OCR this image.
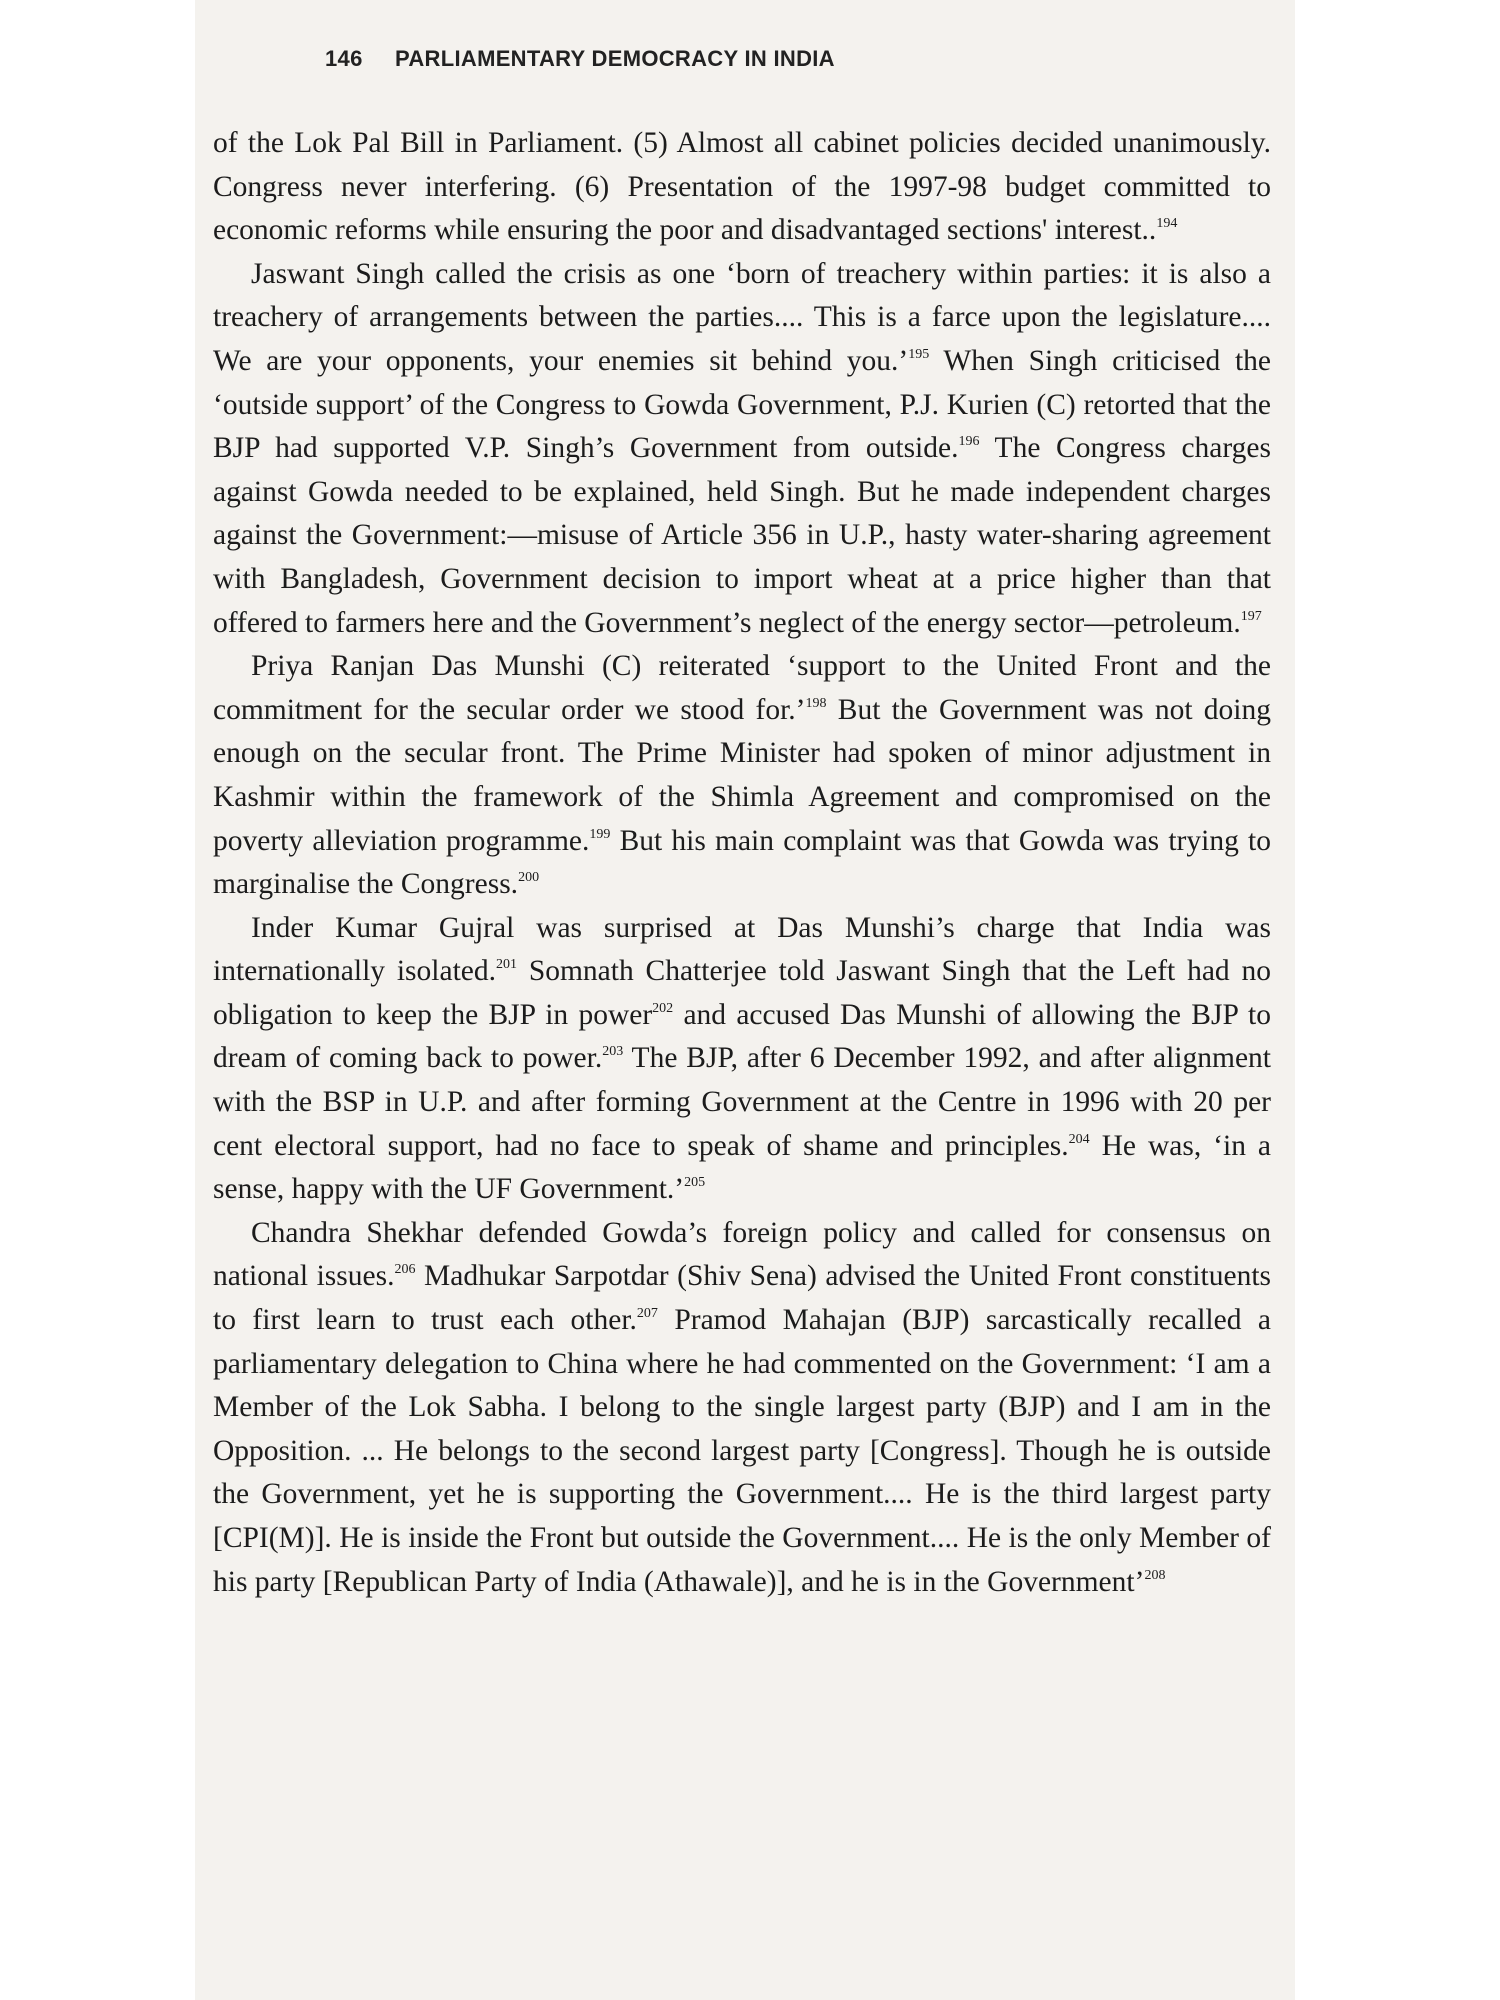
146 PARLIAMENTARY DEMOCRACY IN INDIA

of the Lok Pal Bill in Parliament. (5) Almost all cabinet policies decided unanimously. Congress never interfering. (6) Presentation of the 1997-98 budget committed to economic reforms while ensuring the poor and disadvantaged sections' interest..$^{194}$

Jaswant Singh called the crisis as one ‘born of treachery within parties: it is also a treachery of arrangements between the parties.... This is a farce upon the legislature.... We are your opponents, your enemies sit behind you.’$^{195}$ When Singh criticised the ‘outside support’ of the Congress to Gowda Government, P.J. Kurien (C) retorted that the BJP had supported V.P. Singh’s Government from outside.$^{196}$ The Congress charges against Gowda needed to be explained, held Singh. But he made independent charges against the Government:—misuse of Article 356 in U.P., hasty water-sharing agreement with Bangladesh, Government decision to import wheat at a price higher than that offered to farmers here and the Government’s neglect of the energy sector—petroleum.$^{197}$

Priya Ranjan Das Munshi (C) reiterated ‘support to the United Front and the commitment for the secular order we stood for.’$^{198}$ But the Government was not doing enough on the secular front. The Prime Minister had spoken of minor adjustment in Kashmir within the framework of the Shimla Agreement and compromised on the poverty alleviation programme.$^{199}$ But his main complaint was that Gowda was trying to marginalise the Congress.$^{200}$

Inder Kumar Gujral was surprised at Das Munshi’s charge that India was internationally isolated.$^{201}$ Somnath Chatterjee told Jaswant Singh that the Left had no obligation to keep the BJP in power$^{202}$ and accused Das Munshi of allowing the BJP to dream of coming back to power.$^{203}$ The BJP, after 6 December 1992, and after alignment with the BSP in U.P. and after forming Government at the Centre in 1996 with 20 per cent electoral support, had no face to speak of shame and principles.$^{204}$ He was, ‘in a sense, happy with the UF Government.’$^{205}$

Chandra Shekhar defended Gowda’s foreign policy and called for consensus on national issues.$^{206}$ Madhukar Sarpotdar (Shiv Sena) advised the United Front constituents to first learn to trust each other.$^{207}$ Pramod Mahajan (BJP) sarcastically recalled a parliamentary delegation to China where he had commented on the Government: ‘I am a Member of the Lok Sabha. I belong to the single largest party (BJP) and I am in the Opposition. ... He belongs to the second largest party [Congress]. Though he is outside the Government, yet he is supporting the Government.... He is the third largest party [CPI(M)]. He is inside the Front but outside the Government.... He is the only Member of his party [Republican Party of India (Athawale)], and he is in the Government’$^{208}$
